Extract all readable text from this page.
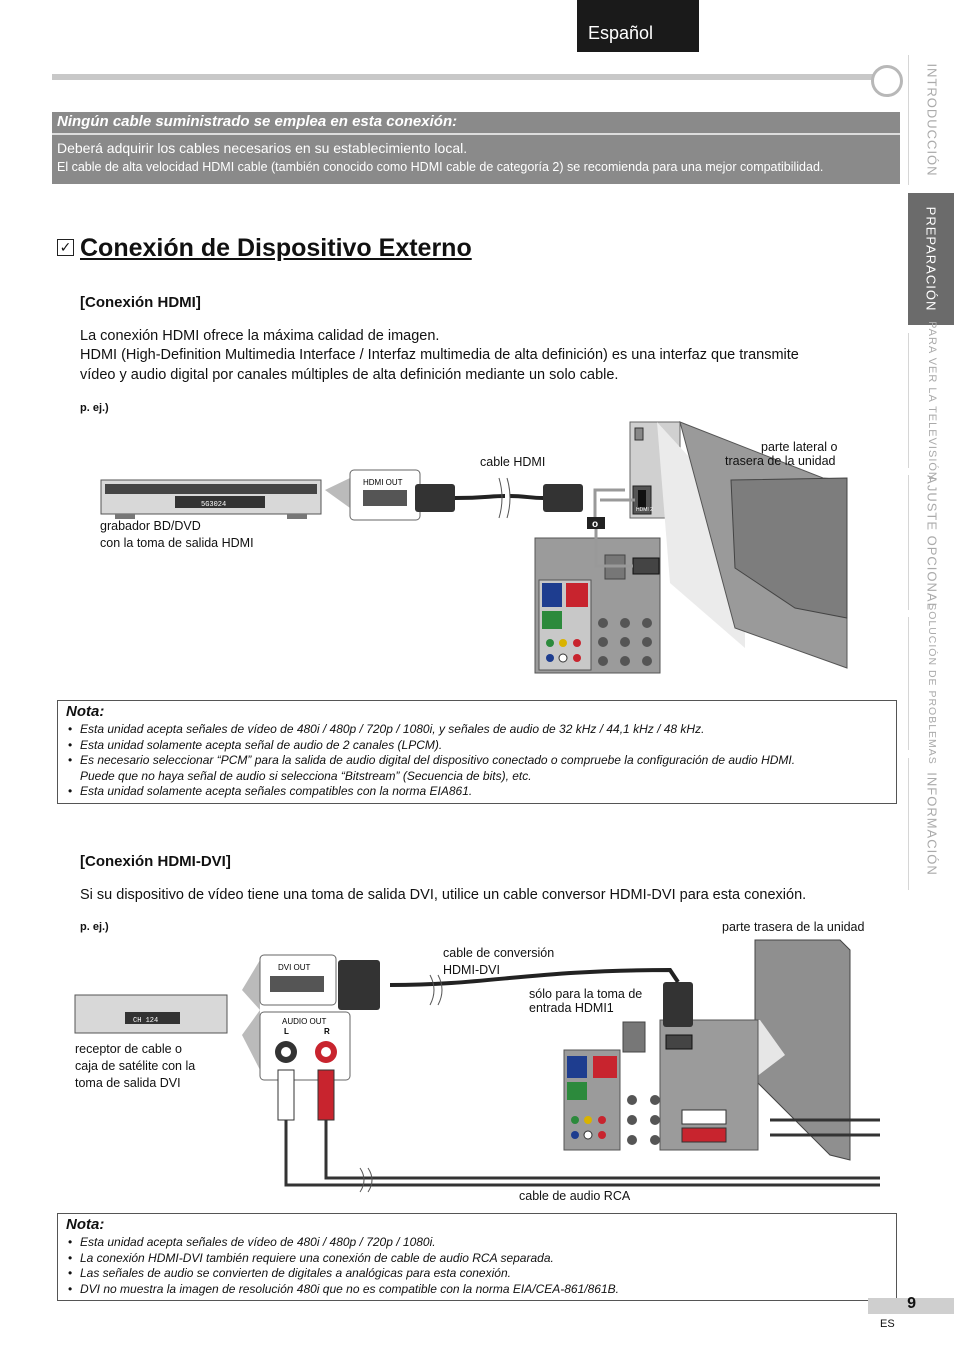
Español
INTRODUCCIÓN
PREPARACIÓN
PARA VER LA TELEVISIÓN
AJUSTE OPCIONAL
SOLUCIÓN DE PROBLEMAS
INFORMACIÓN
Ningún cable suministrado se emplea en esta conexión:
Deberá adquirir los cables necesarios en su establecimiento local.
El cable de alta velocidad HDMI cable (también conocido como HDMI cable de categoría 2) se recomienda para una mejor compatibilidad.
✓ Conexión de Dispositivo Externo
[Conexión HDMI]
La conexión HDMI ofrece la máxima calidad de imagen.
HDMI (High-Definition Multimedia Interface / Interfaz multimedia de alta definición) es una interfaz que transmite
vídeo y audio digital por canales múltiples de alta definición mediante un solo cable.
p. ej.)
HDMI 2
o
5G3024
HDMI OUT
cable HDMI
parte lateral o
trasera de la unidad
grabador BD/DVD
con la toma de salida HDMI
Nota:
• Esta unidad acepta señales de vídeo de 480i / 480p / 720p / 1080i, y señales de audio de 32 kHz / 44,1 kHz / 48 kHz.
• Esta unidad solamente acepta señal de audio de 2 canales (LPCM).
• Es necesario seleccionar “PCM” para la salida de audio digital del dispositivo conectado o compruebe la configuración de audio HDMI.
Puede que no haya señal de audio si selecciona “Bitstream” (Secuencia de bits), etc.
• Esta unidad solamente acepta señales compatibles con la norma EIA861.
[Conexión HDMI-DVI]
Si su dispositivo de vídeo tiene una toma de salida DVI, utilice un cable conversor HDMI-DVI para esta conexión.
p. ej.)	parte trasera de la unidad
CH 124
DVI OUT
AUDIO OUT
L	R
cable de conversión
HDMI-DVI
sólo para la toma de
entrada HDMI1
receptor de cable o
caja de satélite con la
toma de salida DVI
cable de audio RCA
Nota:
• Esta unidad acepta señales de vídeo de 480i / 480p / 720p / 1080i.
• La conexión HDMI-DVI también requiere una conexión de cable de audio RCA separada.
• Las señales de audio se convierten de digitales a analógicas para esta conexión.
• DVI no muestra la imagen de resolución 480i que no es compatible con la norma EIA/CEA-861/861B.
9
ES
